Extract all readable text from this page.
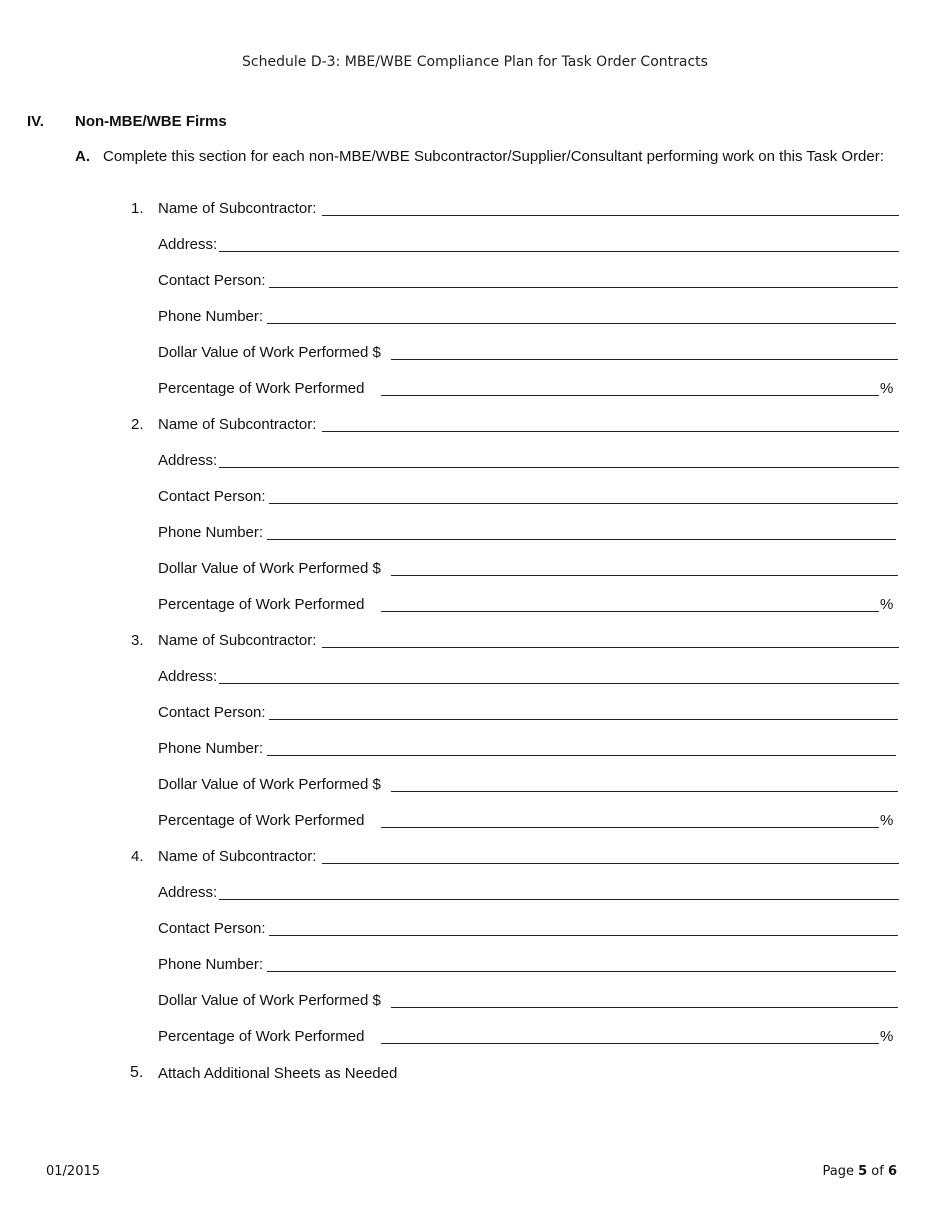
Schedule D-3: MBE/WBE Compliance Plan for Task Order Contracts
IV. Non-MBE/WBE Firms
A. Complete this section for each non-MBE/WBE Subcontractor/Supplier/Consultant performing work on this Task Order:
1. Name of Subcontractor:
Address:
Contact Person:
Phone Number:
Dollar Value of Work Performed $
Percentage of Work Performed	%
2. Name of Subcontractor:
Address:
Contact Person:
Phone Number:
Dollar Value of Work Performed $
Percentage of Work Performed	%
3. Name of Subcontractor:
Address:
Contact Person:
Phone Number:
Dollar Value of Work Performed $
Percentage of Work Performed	%
4. Name of Subcontractor:
Address:
Contact Person:
Phone Number:
Dollar Value of Work Performed $
Percentage of Work Performed	%
5. Attach Additional Sheets as Needed
01/2015	Page 5 of 6
